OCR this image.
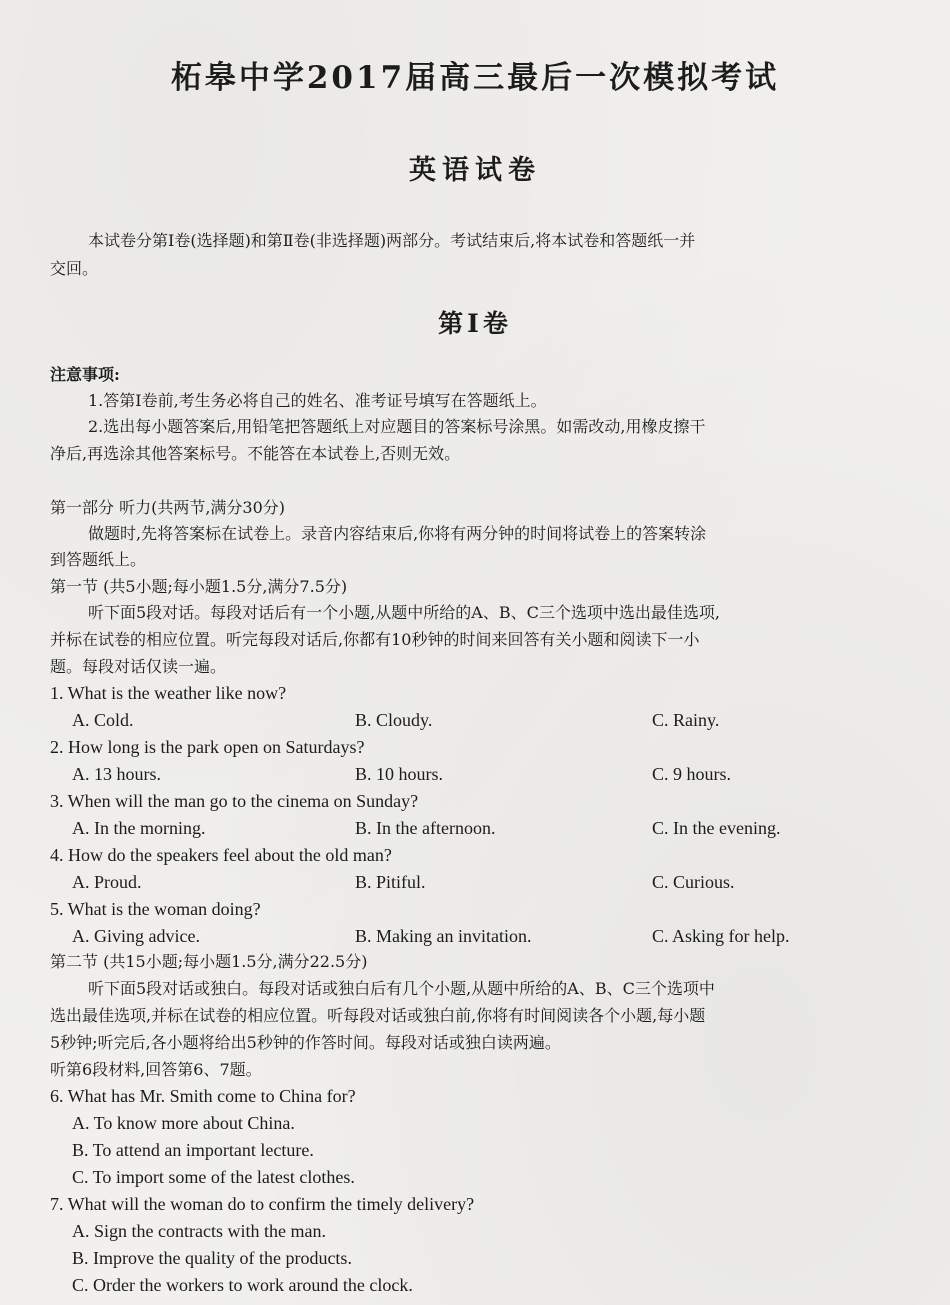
柘皋中学2017届高三最后一次模拟考试
英语试卷
本试卷分第Ⅰ卷(选择题)和第Ⅱ卷(非选择题)两部分。考试结束后,将本试卷和答题纸一并
交回。
第Ⅰ卷
注意事项:
1.答第Ⅰ卷前,考生务必将自己的姓名、准考证号填写在答题纸上。
2.选出每小题答案后,用铅笔把答题纸上对应题目的答案标号涂黑。如需改动,用橡皮擦干
净后,再选涂其他答案标号。不能答在本试卷上,否则无效。
第一部分 听力(共两节,满分30分)
做题时,先将答案标在试卷上。录音内容结束后,你将有两分钟的时间将试卷上的答案转涂
到答题纸上。
第一节 (共5小题;每小题1.5分,满分7.5分)
听下面5段对话。每段对话后有一个小题,从题中所给的A、B、C三个选项中选出最佳选项,
并标在试卷的相应位置。听完每段对话后,你都有10秒钟的时间来回答有关小题和阅读下一小
题。每段对话仅读一遍。
1. What is the weather like now?
A. Cold.	B. Cloudy.	C. Rainy.
2. How long is the park open on Saturdays?
A. 13 hours.	B. 10 hours.	C. 9 hours.
3. When will the man go to the cinema on Sunday?
A. In the morning.	B. In the afternoon.	C. In the evening.
4. How do the speakers feel about the old man?
A. Proud.	B. Pitiful.	C. Curious.
5. What is the woman doing?
A. Giving advice.	B. Making an invitation.	C. Asking for help.
第二节 (共15小题;每小题1.5分,满分22.5分)
听下面5段对话或独白。每段对话或独白后有几个小题,从题中所给的A、B、C三个选项中
选出最佳选项,并标在试卷的相应位置。听每段对话或独白前,你将有时间阅读各个小题,每小题
5秒钟;听完后,各小题将给出5秒钟的作答时间。每段对话或独白读两遍。
听第6段材料,回答第6、7题。
6. What has Mr. Smith come to China for?
A. To know more about China.
B. To attend an important lecture.
C. To import some of the latest clothes.
7. What will the woman do to confirm the timely delivery?
A. Sign the contracts with the man.
B. Improve the quality of the products.
C. Order the workers to work around the clock.
